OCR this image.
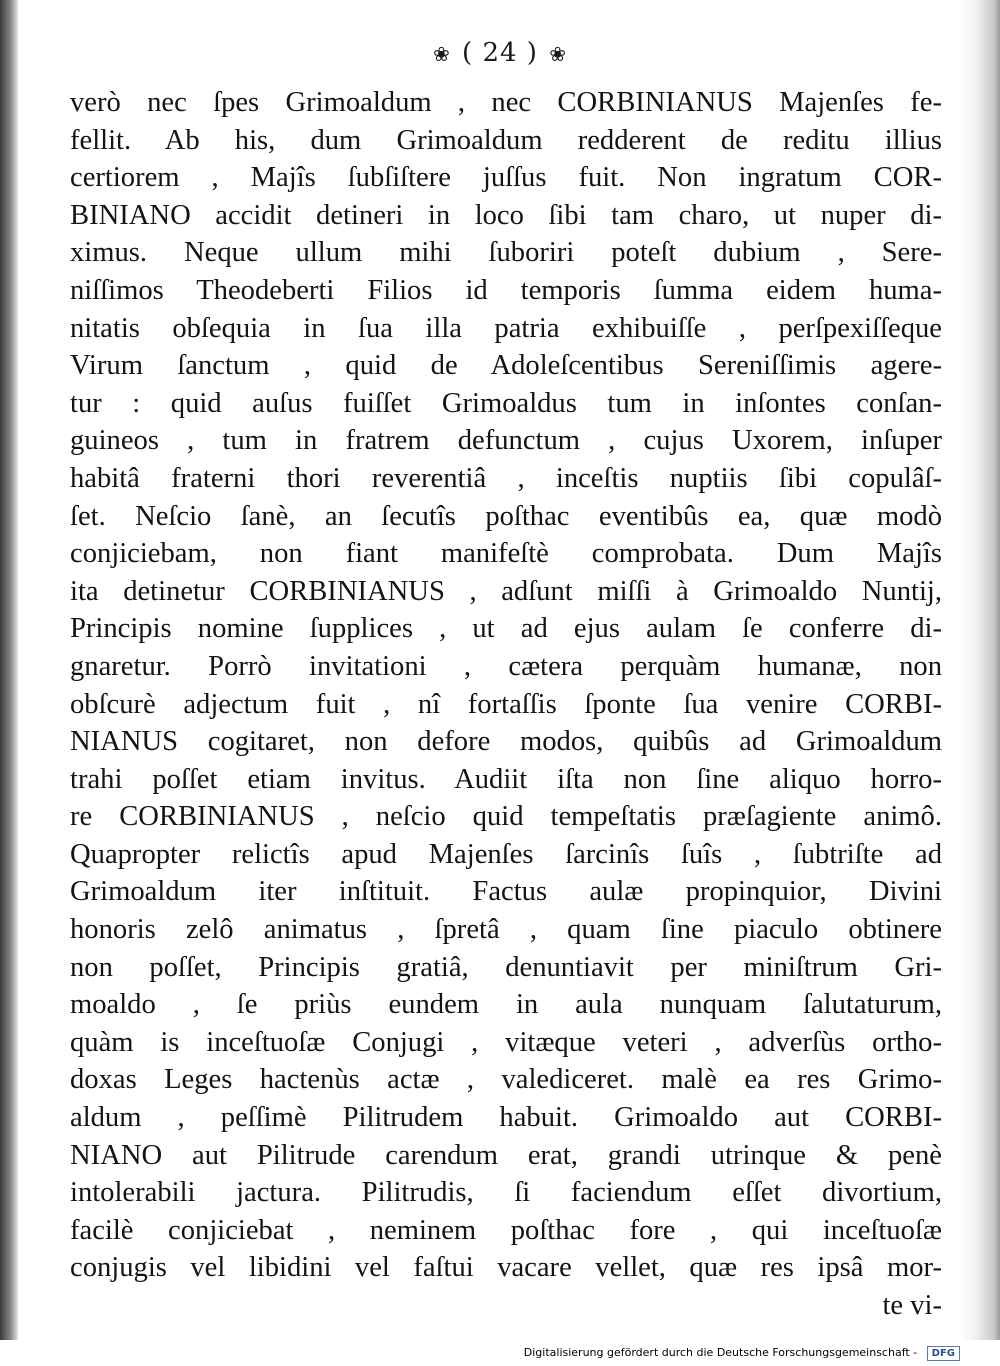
❀ ( 24 ) ❀
verò nec ſpes Grimoaldum , nec CORBINIANUS Majenſes fe-
fellit. Ab his, dum Grimoaldum redderent de reditu illius
certiorem , Majîs ſubſiſtere juſſus fuit. Non ingratum COR-
BINIANO accidit detineri in loco ſibi tam charo, ut nuper di-
ximus. Neque ullum mihi ſuboriri poteſt dubium , Sere-
niſſimos Theodeberti Filios id temporis ſumma eidem huma-
nitatis obſequia in ſua illa patria exhibuiſſe , perſpexiſſeque
Virum ſanctum , quid de Adoleſcentibus Sereniſſimis agere-
tur : quid auſus fuiſſet Grimoaldus tum in inſontes conſan-
guineos , tum in fratrem defunctum , cujus Uxorem, inſuper
habitâ fraterni thori reverentiâ , inceſtis nuptiis ſibi copulâſ-
ſet. Neſcio ſanè, an ſecutîs poſthac eventibûs ea, quæ modò
conjiciebam, non fiant manifeſtè comprobata. Dum Majîs
ita detinetur CORBINIANUS , adſunt miſſi à Grimoaldo Nuntij,
Principis nomine ſupplices , ut ad ejus aulam ſe conferre di-
gnaretur. Porrò invitationi , cætera perquàm humanæ, non
obſcurè adjectum fuit , nî fortaſſis ſponte ſua venire CORBI-
NIANUS cogitaret, non defore modos, quibûs ad Grimoaldum
trahi poſſet etiam invitus. Audiit iſta non ſine aliquo horro-
re CORBINIANUS , neſcio quid tempeſtatis præſagiente animô.
Quapropter relictîs apud Majenſes ſarcinîs ſuîs , ſubtriſte ad
Grimoaldum iter inſtituit. Factus aulæ propinquior, Divini
honoris zelô animatus , ſpretâ , quam ſine piaculo obtinere
non poſſet, Principis gratiâ, denuntiavit per miniſtrum Gri-
moaldo , ſe priùs eundem in aula nunquam ſalutaturum,
quàm is inceſtuoſæ Conjugi , vitæque veteri , adverſùs ortho-
doxas Leges hactenùs actæ , valediceret. malè ea res Grimo-
aldum , peſſimè Pilitrudem habuit. Grimoaldo aut CORBI-
NIANO aut Pilitrude carendum erat, grandi utrinque & penè
intolerabili jactura. Pilitrudis, ſi faciendum eſſet divortium,
facilè conjiciebat , neminem poſthac fore , qui inceſtuoſæ
conjugis vel libidini vel faſtui vacare vellet, quæ res ipsâ mor-
te vi-
Digitalisierung gefördert durch die Deutsche Forschungsgemeinschaft - DFG
